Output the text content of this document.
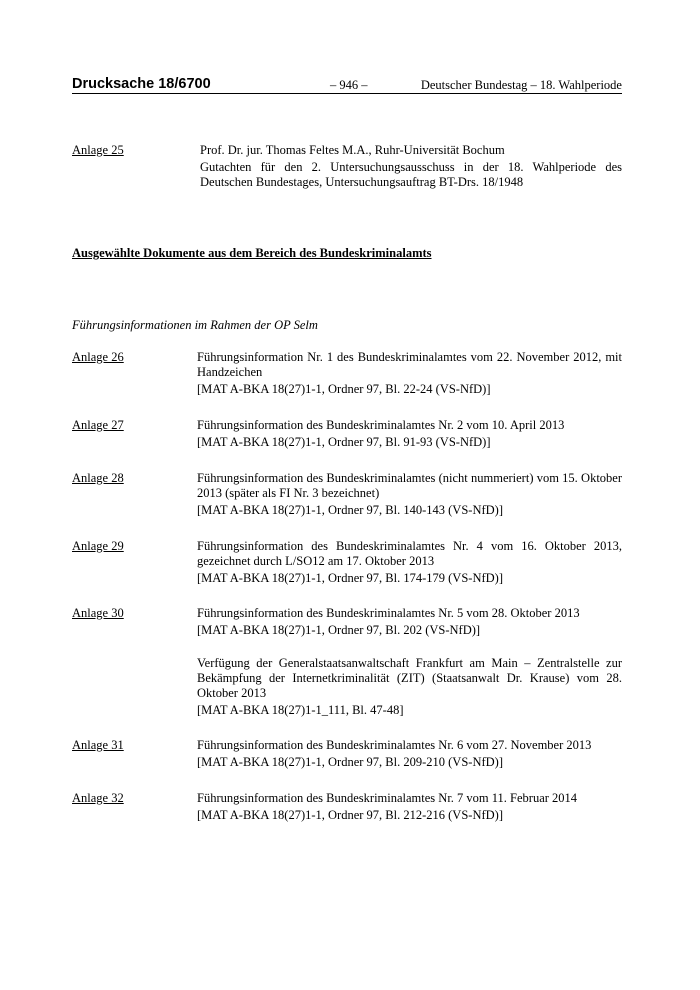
Drucksache 18/6700	– 946 –	Deutscher Bundestag – 18. Wahlperiode
Anlage 25	Prof. Dr. jur. Thomas Feltes M.A., Ruhr-Universität Bochum
Gutachten für den 2. Untersuchungsausschuss in der 18. Wahlperiode des Deutschen Bundestages, Untersuchungsauftrag BT-Drs. 18/1948
Ausgewählte Dokumente aus dem Bereich des Bundeskriminalamts
Führungsinformationen im Rahmen der OP Selm
Anlage 26	Führungsinformation Nr. 1 des Bundeskriminalamtes vom 22. November 2012, mit Handzeichen
[MAT A-BKA 18(27)1-1, Ordner 97, Bl. 22-24 (VS-NfD)]
Anlage 27	Führungsinformation des Bundeskriminalamtes Nr. 2 vom 10. April 2013
[MAT A-BKA 18(27)1-1, Ordner 97, Bl. 91-93 (VS-NfD)]
Anlage 28	Führungsinformation des Bundeskriminalamtes (nicht nummeriert) vom 15. Oktober 2013 (später als FI Nr. 3 bezeichnet)
[MAT A-BKA 18(27)1-1, Ordner 97, Bl. 140-143 (VS-NfD)]
Anlage 29	Führungsinformation des Bundeskriminalamtes Nr. 4 vom 16. Oktober 2013, gezeichnet durch L/SO12 am 17. Oktober 2013
[MAT A-BKA 18(27)1-1, Ordner 97, Bl. 174-179 (VS-NfD)]
Anlage 30	Führungsinformation des Bundeskriminalamtes Nr. 5 vom 28. Oktober 2013
[MAT A-BKA 18(27)1-1, Ordner 97, Bl. 202 (VS-NfD)]
Verfügung der Generalstaatsanwaltschaft Frankfurt am Main – Zentralstelle zur Bekämpfung der Internetkriminalität (ZIT) (Staatsanwalt Dr. Krause) vom 28. Oktober 2013
[MAT A-BKA 18(27)1-1_111, Bl. 47-48]
Anlage 31	Führungsinformation des Bundeskriminalamtes Nr. 6 vom 27. November 2013
[MAT A-BKA 18(27)1-1, Ordner 97, Bl. 209-210 (VS-NfD)]
Anlage 32	Führungsinformation des Bundeskriminalamtes Nr. 7 vom 11. Februar 2014
[MAT A-BKA 18(27)1-1, Ordner 97, Bl. 212-216 (VS-NfD)]
